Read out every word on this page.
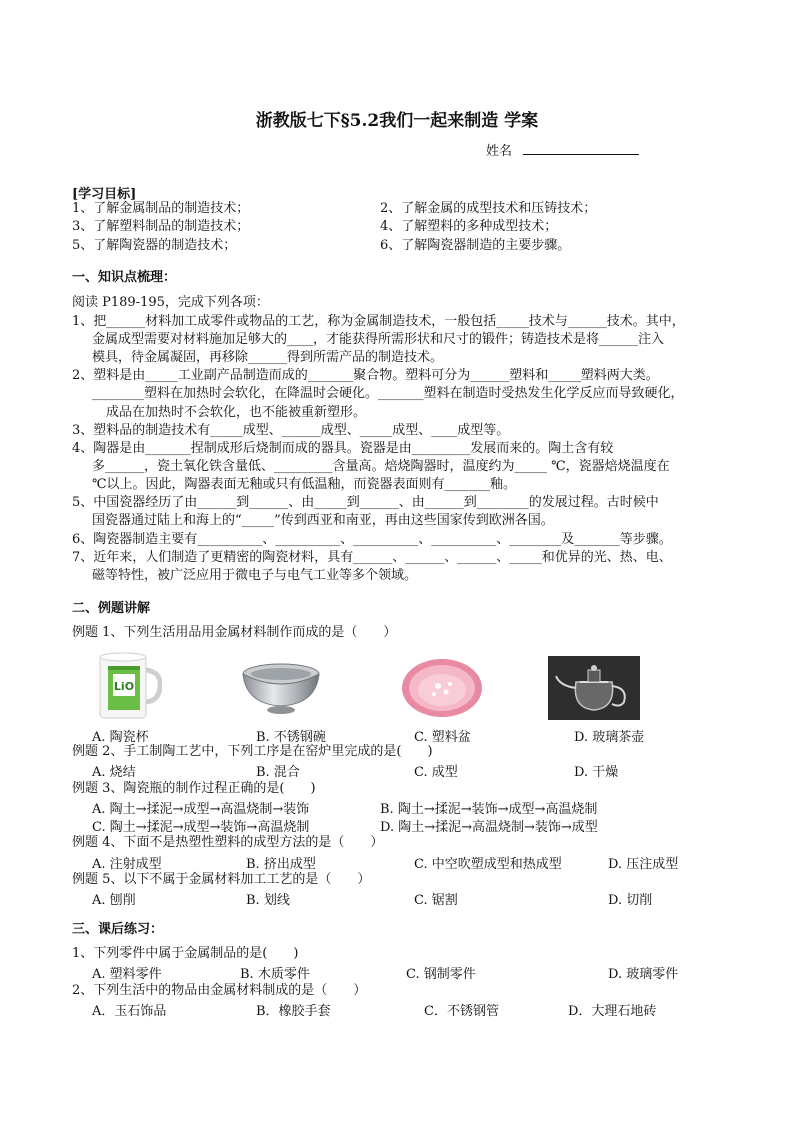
浙教版七下§5.2我们一起来制造 学案
姓名
[学习目标]
1、了解金属制品的制造技术；	2、了解金属的成型技术和压铸技术；
3、了解塑料制品的制造技术；	4、了解塑料的多种成型技术；
5、了解陶瓷器的制造技术；	6、了解陶瓷器制造的主要步骤。
一、知识点梳理：
阅读 P189-195，完成下列各项：
1、把______材料加工成零件或物品的工艺，称为金属制造技术，一般包括_____技术与______技术。其中，
金属成型需要对材料施加足够大的____，才能获得所需形状和尺寸的锻件；铸造技术是将______注入
模具，待金属凝固，再移除______得到所需产品的制造技术。
2、塑料是由_____工业副产品制造而成的_______聚合物。塑料可分为______塑料和_____塑料两大类。
________塑料在加热时会软化，在降温时会硬化。_______塑料在制造时受热发生化学反应而导致硬化，
成品在加热时不会软化，也不能被重新塑形。
3、塑料品的制造技术有_____成型、______成型、_____成型、____成型等。
4、陶器是由_______捏制成形后烧制而成的器具。瓷器是由_________发展而来的。陶土含有较
多______，瓷土氧化铁含量低、_________含量高。焙烧陶器时，温度约为_____ ℃，瓷器焙烧温度在
℃以上。因此，陶器表面无釉或只有低温釉，而瓷器表面则有_______釉。
5、中国瓷器经历了由______到______、由_____到______、由______到________的发展过程。古时候中
国瓷器通过陆上和海上的“_____”传到西亚和南亚，再由这些国家传到欧洲各国。
6、陶瓷器制造主要有__________、__________、__________、__________、________及_______等步骤。
7、近年来，人们制造了更精密的陶瓷材料，具有______、______、______、_____和优异的光、热、电、
磁等特性，被广泛应用于微电子与电气工业等多个领域。
二、例题讲解
例题 1、下列生活用品用金属材料制作而成的是（　　）
LiO
A. 陶瓷杯	B. 不锈钢碗	C. 塑料盆	D. 玻璃茶壶
例题 2、手工制陶工艺中，下列工序是在窑炉里完成的是(　　)
A. 烧结	B. 混合	C. 成型	D. 干燥
例题 3、陶瓷瓶的制作过程正确的是(　　)
A. 陶土→揉泥→成型→高温烧制→装饰	B. 陶土→揉泥→装饰→成型→高温烧制
C. 陶土→揉泥→成型→装饰→高温烧制	D. 陶土→揉泥→高温烧制→装饰→成型
例题 4、下面不是热塑性塑料的成型方法的是（　　）
A. 注射成型	B. 挤出成型	C. 中空吹塑成型和热成型	D. 压注成型
例题 5、以下不属于金属材料加工工艺的是（　　）
A. 刨削	B. 划线	C. 锯割	D. 切削
三、课后练习：
1、下列零件中属于金属制品的是(　　)
A. 塑料零件	B. 木质零件	C. 钢制零件	D. 玻璃零件
2、下列生活中的物品由金属材料制成的是（　　）
A．玉石饰品	B．橡胶手套	C．不锈钢管	D．大理石地砖
